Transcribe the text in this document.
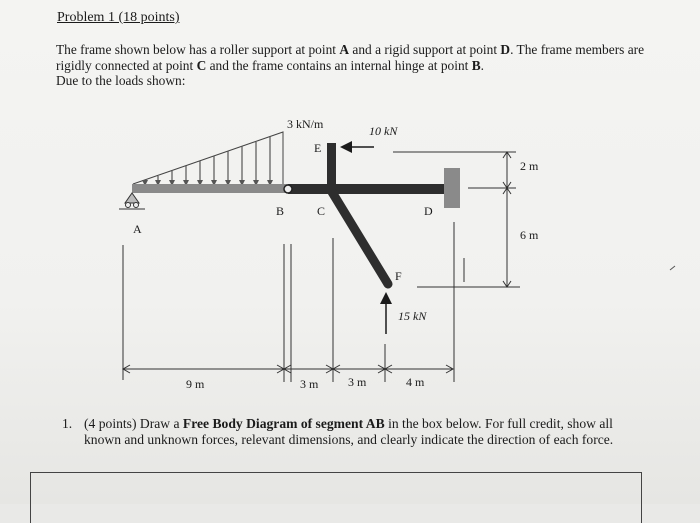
Problem 1 (18 points)
The frame shown below has a roller support at point A and a rigid support at point D. The frame members are rigidly connected at point C and the frame contains an internal hinge at point B.
Due to the loads shown:
3 kN/m	10 kN
E
15 kN
F
A
B	C	D
2 m
6 m
9 m	3 m 3 m	4 m
1. (4 points) Draw a Free Body Diagram of segment AB in the box below. For full credit, show all known and unknown forces, relevant dimensions, and clearly indicate the direction of each force.
